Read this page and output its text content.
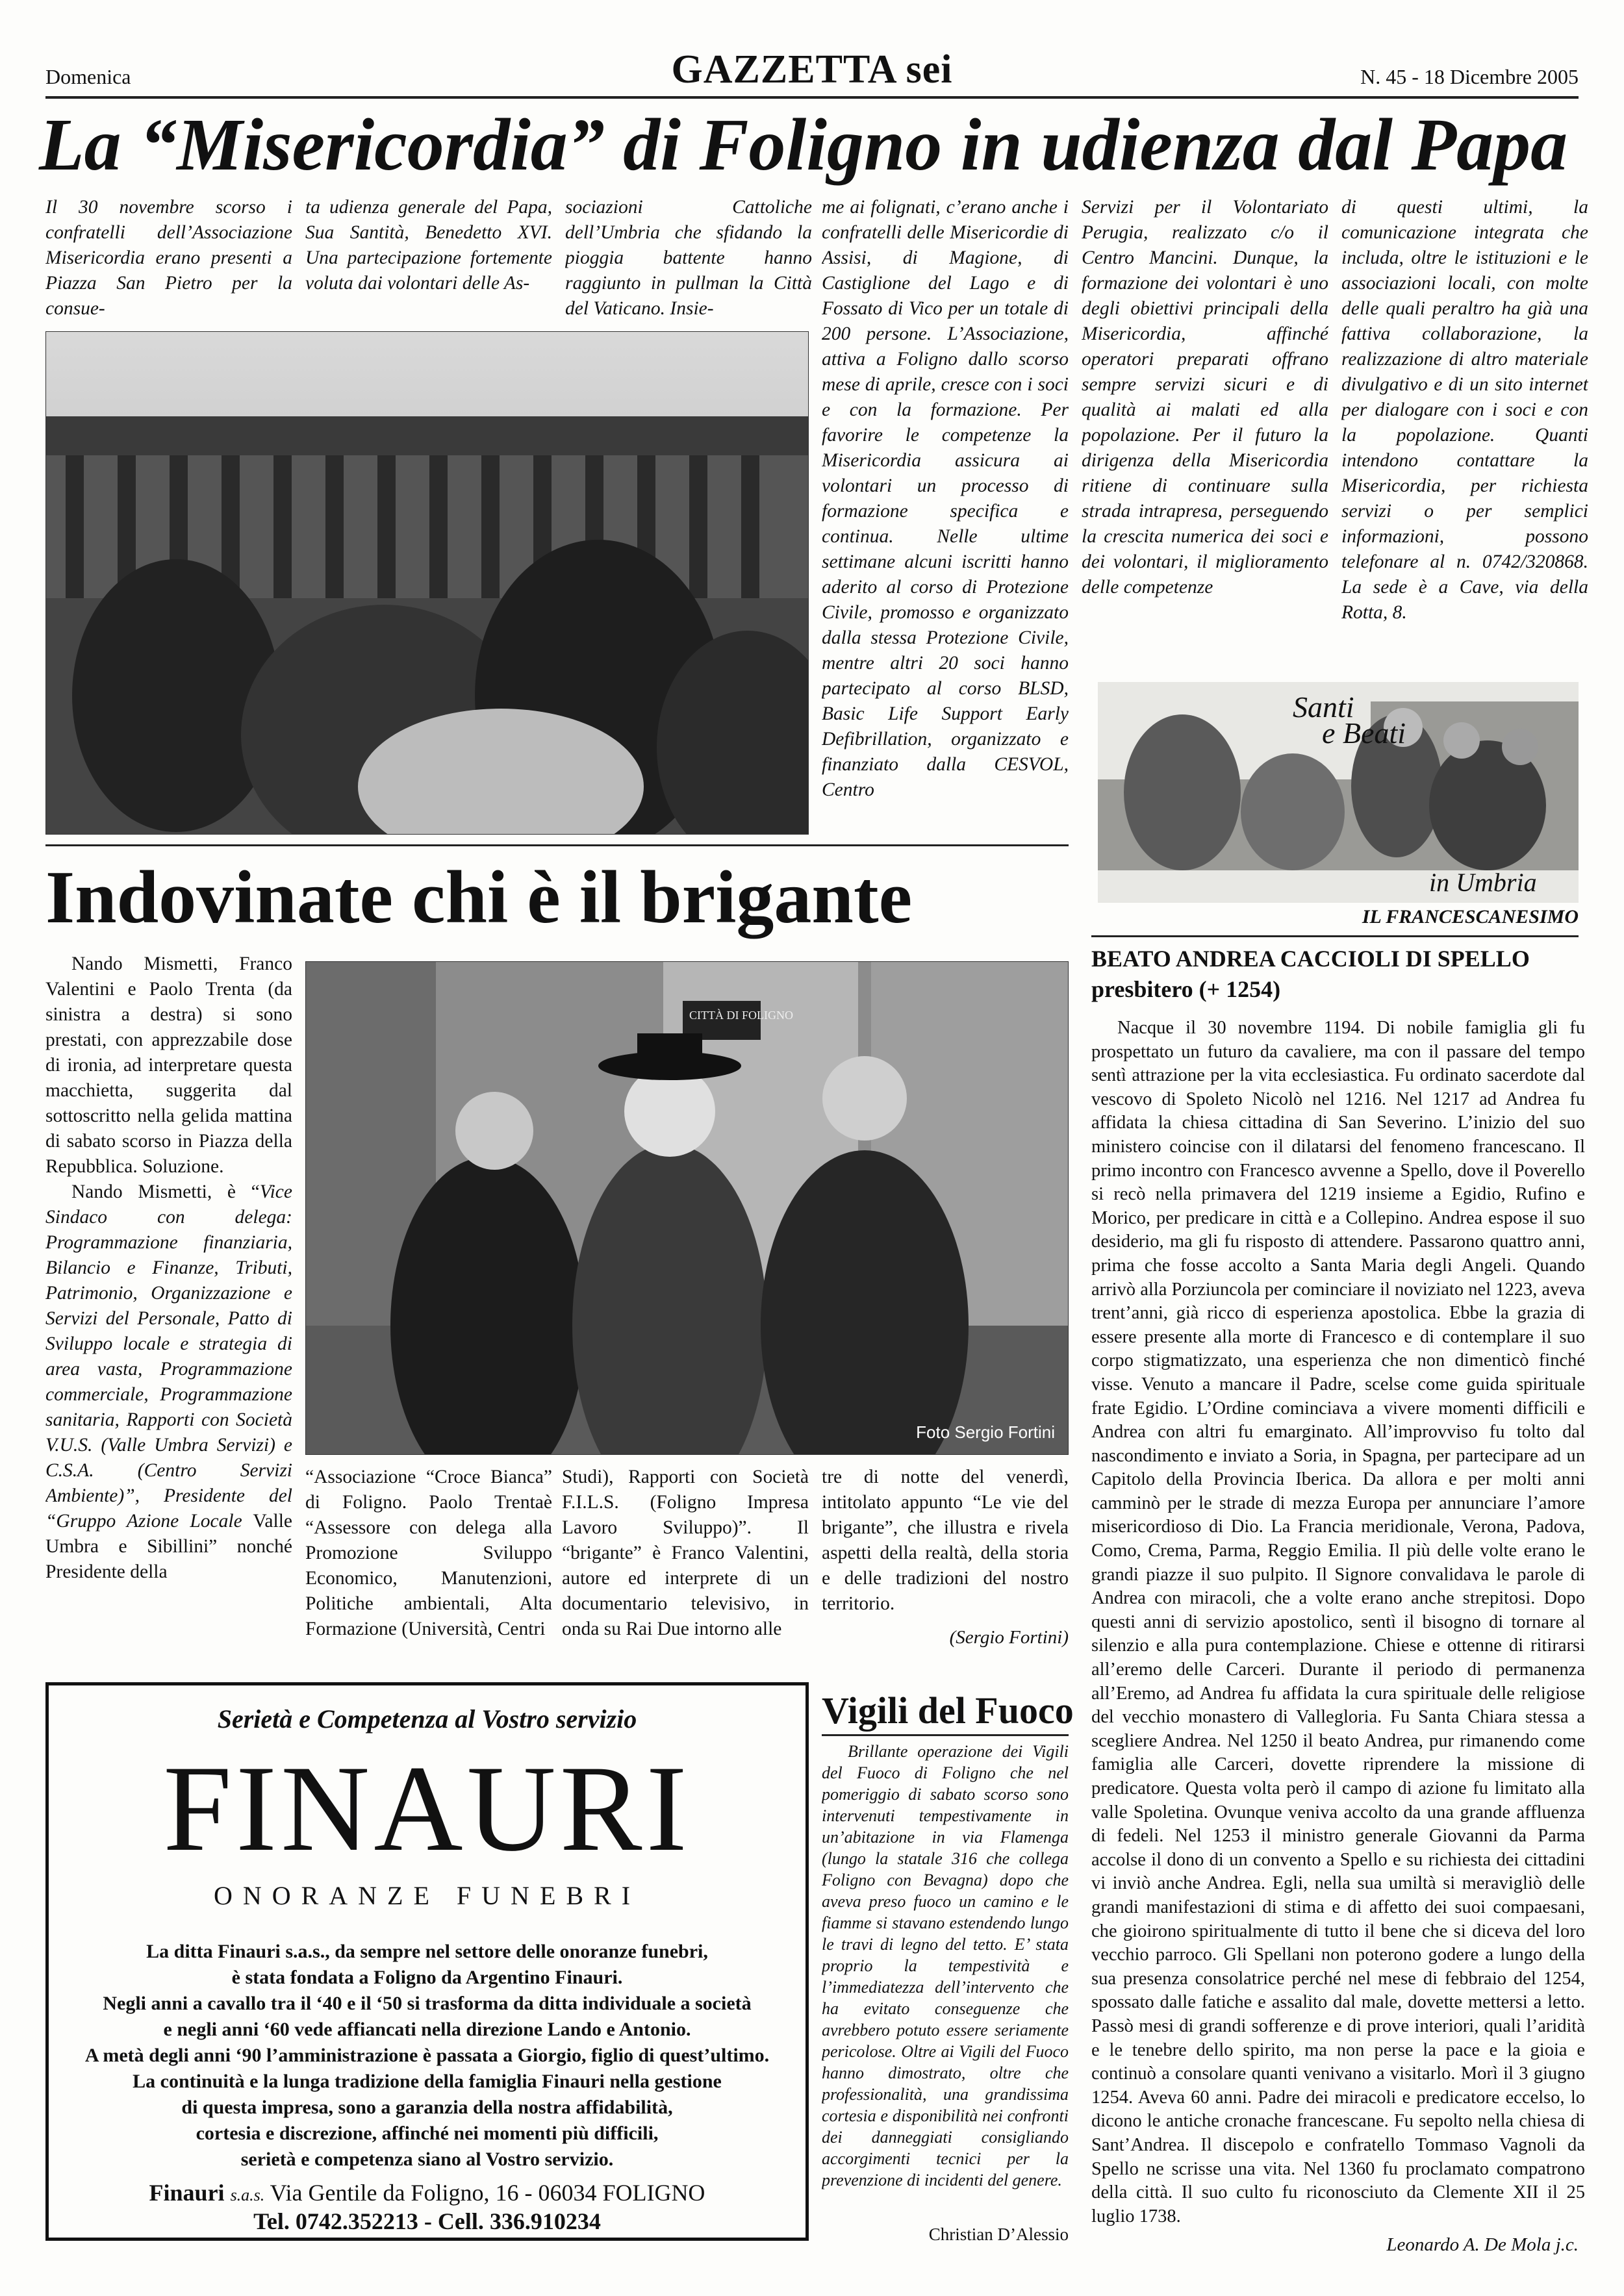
Domenica	GAZZETTA sei	N. 45 - 18 Dicembre 2005
La “Misericordia” di Foligno in udienza dal Papa
Il 30 novembre scorso i confratelli dell’Associazione Misericordia erano presenti a Piazza San Pietro per la consue-
ta udienza generale del Papa, Sua Santità, Benedetto XVI. Una partecipazione fortemente voluta dai volontari delle As-
sociazioni Cattoliche dell’Umbria che sfidando la pioggia battente hanno raggiunto in pullman la Città del Vaticano. Insie-
me ai folignati, c’erano anche i confratelli delle Misericordie di Assisi, di Magione, di Castiglione del Lago e di Fossato di Vico per un totale di 200 persone. L’Associazione, attiva a Foligno dallo scorso mese di aprile, cresce con i soci e con la formazione. Per favorire le competenze la Misericordia assicura ai volontari un processo di formazione specifica e continua. Nelle ultime settimane alcuni iscritti hanno aderito al corso di Protezione Civile, promosso e organizzato dalla stessa Protezione Civile, mentre altri 20 soci hanno partecipato al corso BLSD, Basic Life Support Early Defibrillation, organizzato e finanziato dalla CESVOL, Centro
Servizi per il Volontariato Perugia, realizzato c/o il Centro Mancini. Dunque, la formazione dei volontari è uno degli obiettivi principali della Misericordia, affinché operatori preparati offrano sempre servizi sicuri e di qualità ai malati ed alla popolazione. Per il futuro la dirigenza della Misericordia ritiene di continuare sulla strada intrapresa, perseguendo la crescita numerica dei soci e dei volontari, il miglioramento delle competenze
di questi ultimi, la comunicazione integrata che includa, oltre le istituzioni e le associazioni locali, con molte delle quali peraltro ha già una fattiva collaborazione, la realizzazione di altro materiale divulgativo e di un sito internet per dialogare con i soci e con la popolazione. Quanti intendono contattare la Misericordia, per richiesta servizi o per semplici informazioni, possono telefonare al n. 0742/320868. La sede è a Cave, via della Rotta, 8.
Santi
e Beati
in Umbria
IL FRANCESCANESIMO
Indovinate chi è il brigante

Nando Mismetti, Franco Valentini e Paolo Trenta (da sinistra a destra) si sono prestati, con apprezzabile dose di ironia, ad interpretare questa macchietta, suggerita dal sottoscritto nella gelida mattina di sabato scorso in Piazza della Repubblica. Soluzione.

Nando Mismetti, è “Vice Sindaco con delega: Programmazione finanziaria, Bilancio e Finanze, Tributi, Patrimonio, Organizzazione e Servizi del Personale, Patto di Sviluppo locale e strategia di area vasta, Programmazione commerciale, Programmazione sanitaria, Rapporti con Società V.U.S. (Valle Umbra Servizi) e C.S.A. (Centro Servizi Ambiente)”, Presidente del “Gruppo Azione Locale Valle Umbra e Sibillini” nonché Presidente della

CITTÀ DI FOLIGNO
Foto Sergio Fortini
“Associazione “Croce Bianca” di Foligno. Paolo Trentaè “Assessore con delega alla Promozione Sviluppo Economico, Manutenzioni, Politiche ambientali, Alta Formazione (Università, Centri
Studi), Rapporti con Società F.I.L.S. (Foligno Impresa Lavoro Sviluppo)”. Il “brigante” è Franco Valentini, autore ed interprete di un documentario televisivo, in onda su Rai Due intorno alle
tre di notte del venerdì, intitolato appunto “Le vie del brigante”, che illustra e rivela aspetti della realtà, della storia e delle tradizioni del nostro territorio.
(Sergio Fortini)
BEATO ANDREA CACCIOLI DI SPELLO
presbitero (+ 1254)

Nacque il 30 novembre 1194. Di nobile famiglia gli fu prospettato un futuro da cavaliere, ma con il passare del tempo sentì attrazione per la vita ecclesiastica. Fu ordinato sacerdote dal vescovo di Spoleto Nicolò nel 1216. Nel 1217 ad Andrea fu affidata la chiesa cittadina di San Severino. L’inizio del suo ministero coincise con il dilatarsi del fenomeno francescano. Il primo incontro con Francesco avvenne a Spello, dove il Poverello si recò nella primavera del 1219 insieme a Egidio, Rufino e Morico, per predicare in città e a Collepino. Andrea espose il suo desiderio, ma gli fu risposto di attendere. Passarono quattro anni, prima che fosse accolto a Santa Maria degli Angeli. Quando arrivò alla Porziuncola per cominciare il noviziato nel 1223, aveva trent’anni, già ricco di esperienza apostolica. Ebbe la grazia di essere presente alla morte di Francesco e di contemplare il suo corpo stigmatizzato, una esperienza che non dimenticò finché visse. Venuto a mancare il Padre, scelse come guida spirituale frate Egidio. L’Ordine cominciava a vivere momenti difficili e Andrea con altri fu emarginato. All’improvviso fu tolto dal nascondimento e inviato a Soria, in Spagna, per partecipare ad un Capitolo della Provincia Iberica. Da allora e per molti anni camminò per le strade di mezza Europa per annunciare l’amore misericordioso di Dio. La Francia meridionale, Verona, Padova, Como, Crema, Parma, Reggio Emilia. Il più delle volte erano le grandi piazze il suo pulpito. Il Signore convalidava le parole di Andrea con miracoli, che a volte erano anche strepitosi. Dopo questi anni di servizio apostolico, sentì il bisogno di tornare al silenzio e alla pura contemplazione. Chiese e ottenne di ritirarsi all’eremo delle Carceri. Durante il periodo di permanenza all’Eremo, ad Andrea fu affidata la cura spirituale delle religiose del vecchio monastero di Vallegloria. Fu Santa Chiara stessa a scegliere Andrea. Nel 1250 il beato Andrea, pur rimanendo come famiglia alle Carceri, dovette riprendere la missione di predicatore. Questa volta però il campo di azione fu limitato alla valle Spoletina. Ovunque veniva accolto da una grande affluenza di fedeli. Nel 1253 il ministro generale Giovanni da Parma accolse il dono di un convento a Spello e su richiesta dei cittadini vi inviò anche Andrea. Egli, nella sua umiltà si meravigliò delle grandi manifestazioni di stima e di affetto dei suoi compaesani, che gioirono spiritualmente di tutto il bene che si diceva del loro vecchio parroco. Gli Spellani non poterono godere a lungo della sua presenza consolatrice perché nel mese di febbraio del 1254, spossato dalle fatiche e assalito dal male, dovette mettersi a letto. Passò mesi di grandi sofferenze e di prove interiori, quali l’aridità e le tenebre dello spirito, ma non perse la pace e la gioia e continuò a consolare quanti venivano a visitarlo. Morì il 3 giugno 1254. Aveva 60 anni. Padre dei miracoli e predicatore eccelso, lo dicono le antiche cronache francescane. Fu sepolto nella chiesa di Sant’Andrea. Il discepolo e confratello Tommaso Vagnoli da Spello ne scrisse una vita. Nel 1360 fu proclamato compatrono della città. Il suo culto fu riconosciuto da Clemente XII il 25 luglio 1738.

Leonardo A. De Mola j.c.
Serietà e Competenza al Vostro servizio
FINAURI
ONORANZE FUNEBRI
La ditta Finauri s.a.s., da sempre nel settore delle onoranze funebri,
è stata fondata a Foligno da Argentino Finauri.
Negli anni a cavallo tra il ‘40 e il ‘50 si trasforma da ditta individuale a società
e negli anni ‘60 vede affiancati nella direzione Lando e Antonio.
A metà degli anni ‘90 l’amministrazione è passata a Giorgio, figlio di quest’ultimo.
La continuità e la lunga tradizione della famiglia Finauri nella gestione
di questa impresa, sono a garanzia della nostra affidabilità,
cortesia e discrezione, affinché nei momenti più difficili,
serietà e competenza siano al Vostro servizio.
Finauri s.a.s. Via Gentile da Foligno, 16 - 06034 FOLIGNO
Tel. 0742.352213 - Cell. 336.910234
Vigili del Fuoco

Brillante operazione dei Vigili del Fuoco di Foligno che nel pomeriggio di sabato scorso sono intervenuti tempestivamente in un’abitazione in via Flamenga (lungo la statale 316 che collega Foligno con Bevagna) dopo che aveva preso fuoco un camino e le fiamme si stavano estendendo lungo le travi di legno del tetto. E’ stata proprio la tempestività e l’immediatezza dell’intervento che ha evitato conseguenze che avrebbero potuto essere seriamente pericolose. Oltre ai Vigili del Fuoco hanno dimostrato, oltre che professionalità, una grandissima cortesia e disponibilità nei confronti dei danneggiati consigliando accorgimenti tecnici per la prevenzione di incidenti del genere.

Christian D’Alessio
